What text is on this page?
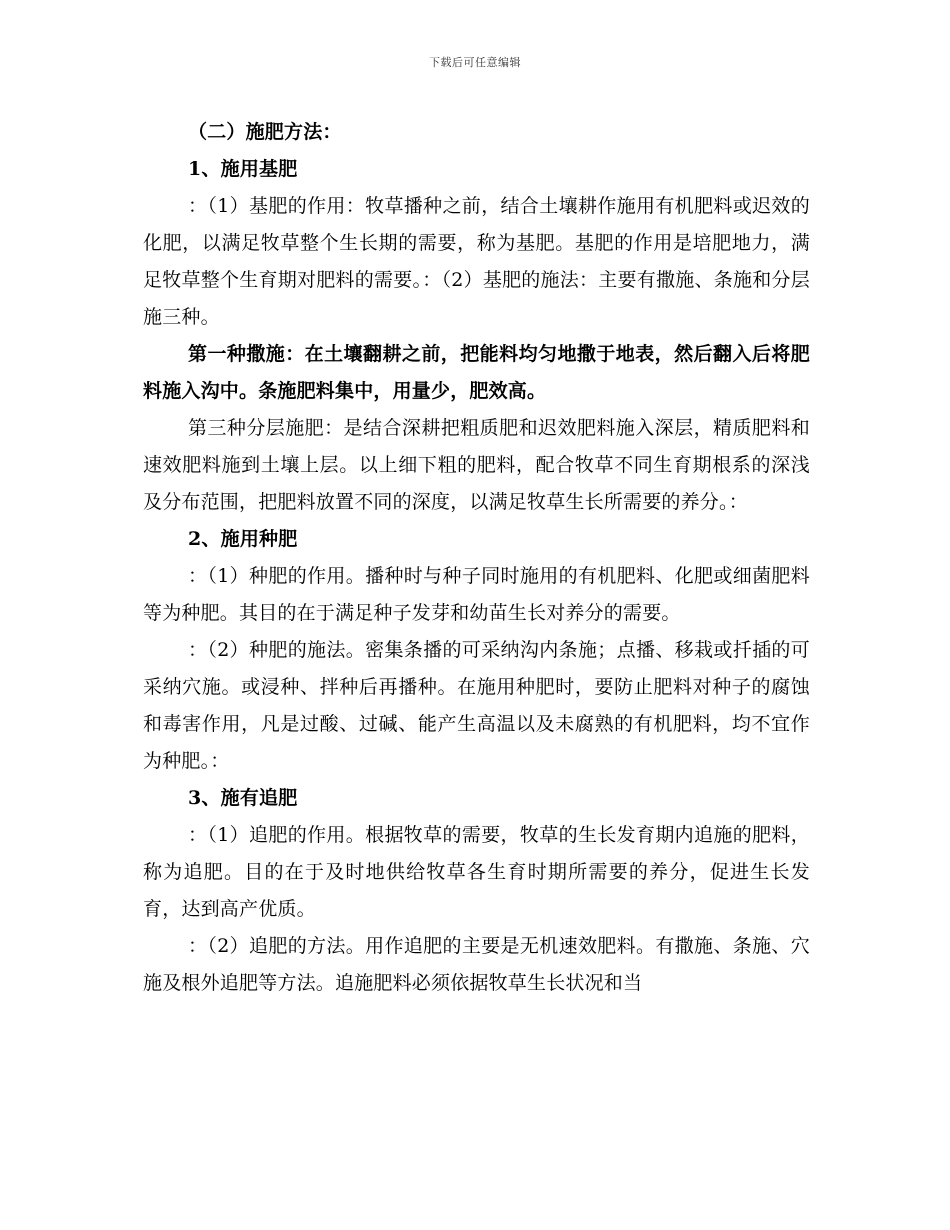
下载后可任意编辑

（二）施肥方法：

1、施用基肥

：（1）基肥的作用：牧草播种之前，结合土壤耕作施用有机肥料或迟效的化肥，以满足牧草整个生长期的需要，称为基肥。基肥的作用是培肥地力，满足牧草整个生育期对肥料的需要。：（2）基肥的施法：主要有撒施、条施和分层施三种。

第一种撒施：在土壤翻耕之前，把能料均匀地撒于地表，然后翻入后将肥料施入沟中。条施肥料集中，用量少，肥效高。

第三种分层施肥：是结合深耕把粗质肥和迟效肥料施入深层，精质肥料和速效肥料施到土壤上层。以上细下粗的肥料，配合牧草不同生育期根系的深浅及分布范围，把肥料放置不同的深度，以满足牧草生长所需要的养分。：

2、施用种肥

：（1）种肥的作用。播种时与种子同时施用的有机肥料、化肥或细菌肥料等为种肥。其目的在于满足种子发芽和幼苗生长对养分的需要。

：（2）种肥的施法。密集条播的可采纳沟内条施；点播、移栽或扦插的可采纳穴施。或浸种、拌种后再播种。在施用种肥时，要防止肥料对种子的腐蚀和毒害作用，凡是过酸、过碱、能产生高温以及未腐熟的有机肥料，均不宜作为种肥。：

3、施有追肥

：（1）追肥的作用。根据牧草的需要，牧草的生长发育期内追施的肥料，称为追肥。目的在于及时地供给牧草各生育时期所需要的养分，促进生长发育，达到高产优质。

：（2）追肥的方法。用作追肥的主要是无机速效肥料。有撒施、条施、穴施及根外追肥等方法。追施肥料必须依据牧草生长状况和当
